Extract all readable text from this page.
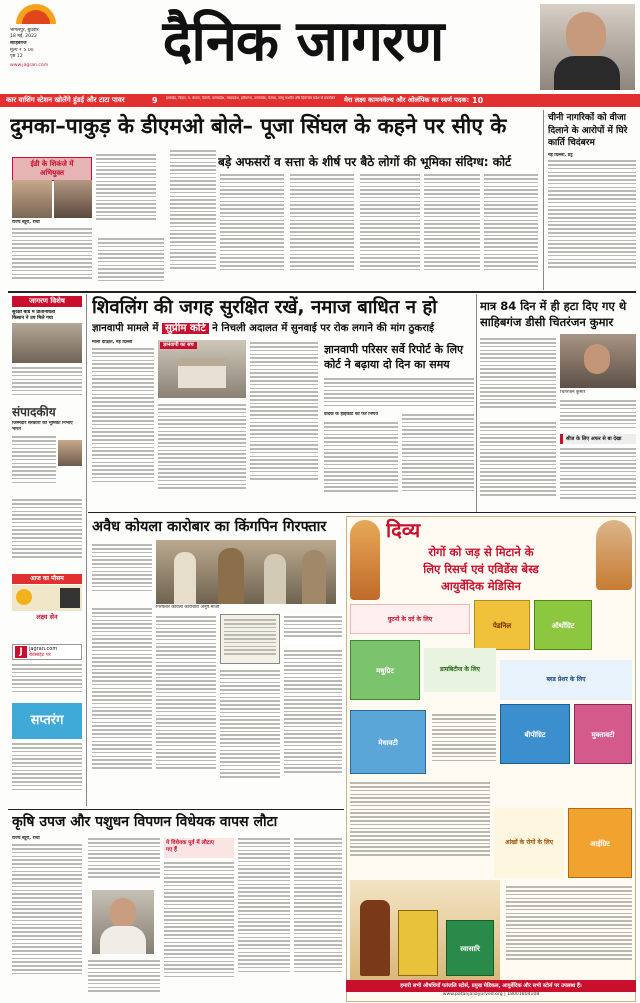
भागलपुर, बुधवार
18 मई, 2022
साहिबगंज
मूल्य ₹ 5.00
पृष्ठ 12
www.jagran.com	दैनिक जागरण
कार वाशिंग स्टेशन खोलेंगे हुंडई और टाटा पावर	9	झारखंड, बिहार, प. बंगाल, दिल्ली, उत्तरप्रदेश, मध्यप्रदेश, हरियाणा, उत्तराखंड, पंजाब, जम्मू कश्मीर और हिमाचल प्रदेश से प्रकाशित	मेरा लक्ष्य कामनवेल्थ और ओलंपिक का स्वर्ण पदक: 10
दुमका–पाकुड़ के डीएमओ बोले– पूजा सिंघल के कहने पर सीए के
ईडी के शिकंजे में
अभियुक्त
बड़े अफसरों व सत्ता के शीर्ष पर बैठे लोगों की भूमिका संदिग्ध: कोर्ट
राज्य ब्यूरो, रांची
चीनी नागरिकों को वीजा दिलाने के आरोपों में घिरे कार्ति चिदंबरम
नई दिल्ली, प्रेट्र
जागरण विशेष
सुरक्षा बोर्ड में प्रतिनिधित्व
किसान ने उप मिले गया
संपादकीय
जिम्मेदार सरकारी की भूमिका निभाएं भारत
आज का मौसम
लक्ष्य सेन
J	jagran.com
बेवसाइट पर
सप्तरंग
शिवलिंग की जगह सुरक्षित रखें, नमाज बाधित न हो
ज्ञानवापी मामले में सुप्रीम कोर्ट ने निचली अदालत में सुनवाई पर रोक लगाने की मांग ठुकराई
माला दीक्षित, नई दिल्ली	ज्ञानवापी का सच	ज्ञानवापी परिसर सर्वे रिपोर्ट के लिए कोर्ट ने बढ़ाया दो दिन का समय
वैदिक के हाइकोर्ट का फर निर्णय
मात्र 84 दिन में ही हटा दिए गए थे साहिबगंज डीसी चितरंजन कुमार
चितरंजन कुमार
सीज के लिए अफर से बा देखा
अवैध कोयला कारोबार का किंगपिन गिरफ्तार
गिरफ्तार कोयला कारोबारी अनूप माजी
दिव्य
रोगों को जड़ से मिटाने के
लिए रिसर्च एवं एविडेंस बेस्ड
आयुर्वेदिक मेडिसिन
पेडनिल	ऑर्थोग्रिट
घुटनों के दर्द के लिए
मधुग्रिट	डायबिटीज के लिए
ब्लड प्रेशर के लिए
बीपीग्रिट	मुक्तावटी
मेधावटी
आईग्रिट
आंखों के रोगों के लिए
स्वासारि
हमारी सभी औषधियाँ पतंजलि स्टोर्स, प्रमुख मेडिकल, आयुर्वेदिक और सभी स्टोर्स पर उपलब्ध हैं।
www.patanjaliayurved.org | 18001804108
कृषि उपज और पशुधन विपणन विधेयक वापस लौटा
राज्य ब्यूरो, रांची
ये विधेयक पूर्व में लौटाए
गए हैं
